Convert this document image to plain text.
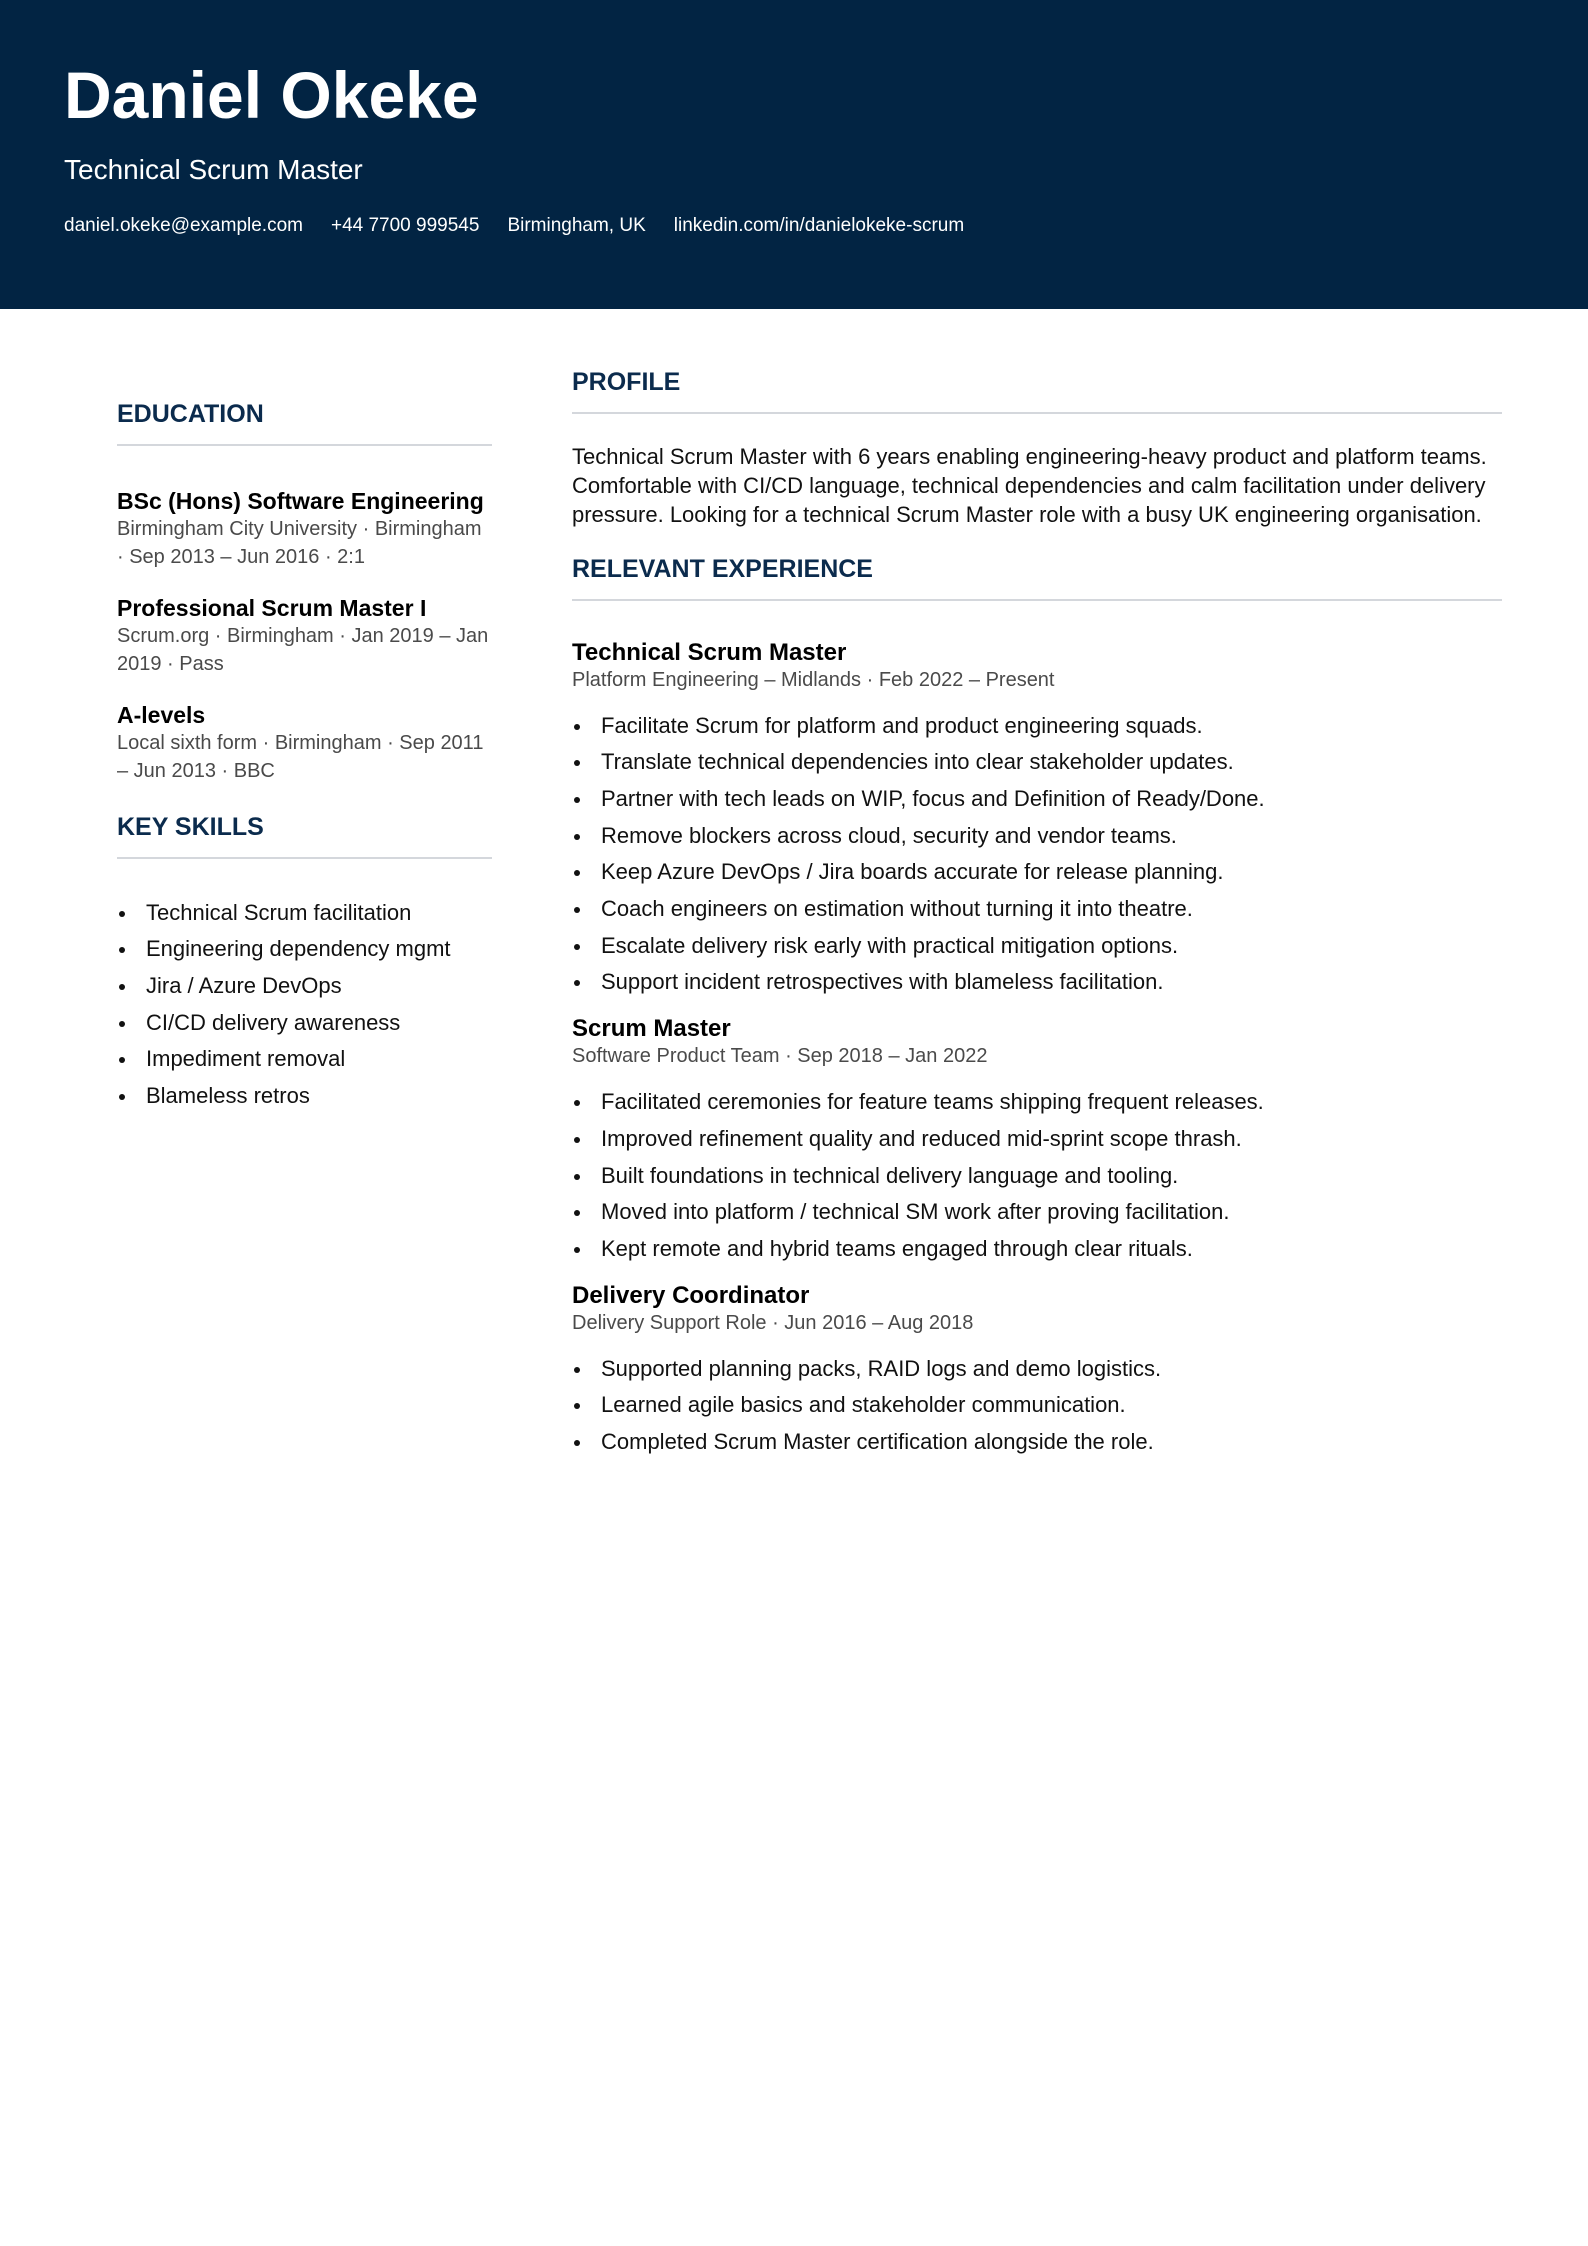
Daniel Okeke
Technical Scrum Master
daniel.okeke@example.com +44 7700 999545 Birmingham, UK linkedin.com/in/danielokeke-scrum
EDUCATION
BSc (Hons) Software Engineering
Birmingham City University · Birmingham · Sep 2013 – Jun 2016 · 2:1
Professional Scrum Master I
Scrum.org · Birmingham · Jan 2019 – Jan 2019 · Pass
A-levels
Local sixth form · Birmingham · Sep 2011 – Jun 2013 · BBC
KEY SKILLS
Technical Scrum facilitation
Engineering dependency mgmt
Jira / Azure DevOps
CI/CD delivery awareness
Impediment removal
Blameless retros
PROFILE

Technical Scrum Master with 6 years enabling engineering-heavy product and platform teams. Comfortable with CI/CD language, technical dependencies and calm facilitation under delivery pressure. Looking for a technical Scrum Master role with a busy UK engineering organisation.

RELEVANT EXPERIENCE
Technical Scrum Master
Platform Engineering – Midlands · Feb 2022 – Present
Facilitate Scrum for platform and product engineering squads.
Translate technical dependencies into clear stakeholder updates.
Partner with tech leads on WIP, focus and Definition of Ready/Done.
Remove blockers across cloud, security and vendor teams.
Keep Azure DevOps / Jira boards accurate for release planning.
Coach engineers on estimation without turning it into theatre.
Escalate delivery risk early with practical mitigation options.
Support incident retrospectives with blameless facilitation.
Scrum Master
Software Product Team · Sep 2018 – Jan 2022
Facilitated ceremonies for feature teams shipping frequent releases.
Improved refinement quality and reduced mid-sprint scope thrash.
Built foundations in technical delivery language and tooling.
Moved into platform / technical SM work after proving facilitation.
Kept remote and hybrid teams engaged through clear rituals.
Delivery Coordinator
Delivery Support Role · Jun 2016 – Aug 2018
Supported planning packs, RAID logs and demo logistics.
Learned agile basics and stakeholder communication.
Completed Scrum Master certification alongside the role.
